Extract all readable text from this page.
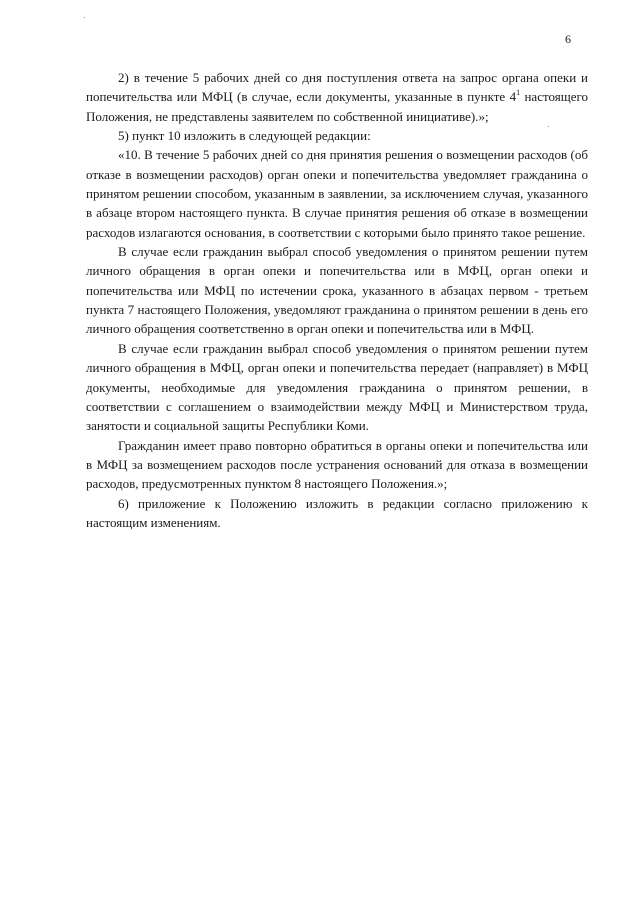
6

2) в течение 5 рабочих дней со дня поступления ответа на запрос органа опеки и попечительства или МФЦ (в случае, если документы, указанные в пункте $4^1$ настоящего Положения, не представлены заявителем по собственной инициативе).»;

5) пункт 10 изложить в следующей редакции:

«10. В течение 5 рабочих дней со дня принятия решения о возмещении расходов (об отказе в возмещении расходов) орган опеки и попечительства уведомляет гражданина о принятом решении способом, указанным в заявлении, за исключением случая, указанного в абзаце втором настоящего пункта. В случае принятия решения об отказе в возмещении расходов излагаются основания, в соответствии с которыми было принято такое решение.

В случае если гражданин выбрал способ уведомления о принятом решении путем личного обращения в орган опеки и попечительства или в МФЦ, орган опеки и попечительства или МФЦ по истечении срока, указанного в абзацах первом - третьем пункта 7 настоящего Положения, уведомляют гражданина о принятом решении в день его личного обращения соответственно в орган опеки и попечительства или в МФЦ.

В случае если гражданин выбрал способ уведомления о принятом решении путем личного обращения в МФЦ, орган опеки и попечительства передает (направляет) в МФЦ документы, необходимые для уведомления гражданина о принятом решении, в соответствии с соглашением о взаимодействии между МФЦ и Министерством труда, занятости и социальной защиты Республики Коми.

Гражданин имеет право повторно обратиться в органы опеки и попечительства или в МФЦ за возмещением расходов после устранения оснований для отказа в возмещении расходов, предусмотренных пунктом 8 настоящего Положения.»;

6) приложение к Положению изложить в редакции согласно приложению к настоящим изменениям.
